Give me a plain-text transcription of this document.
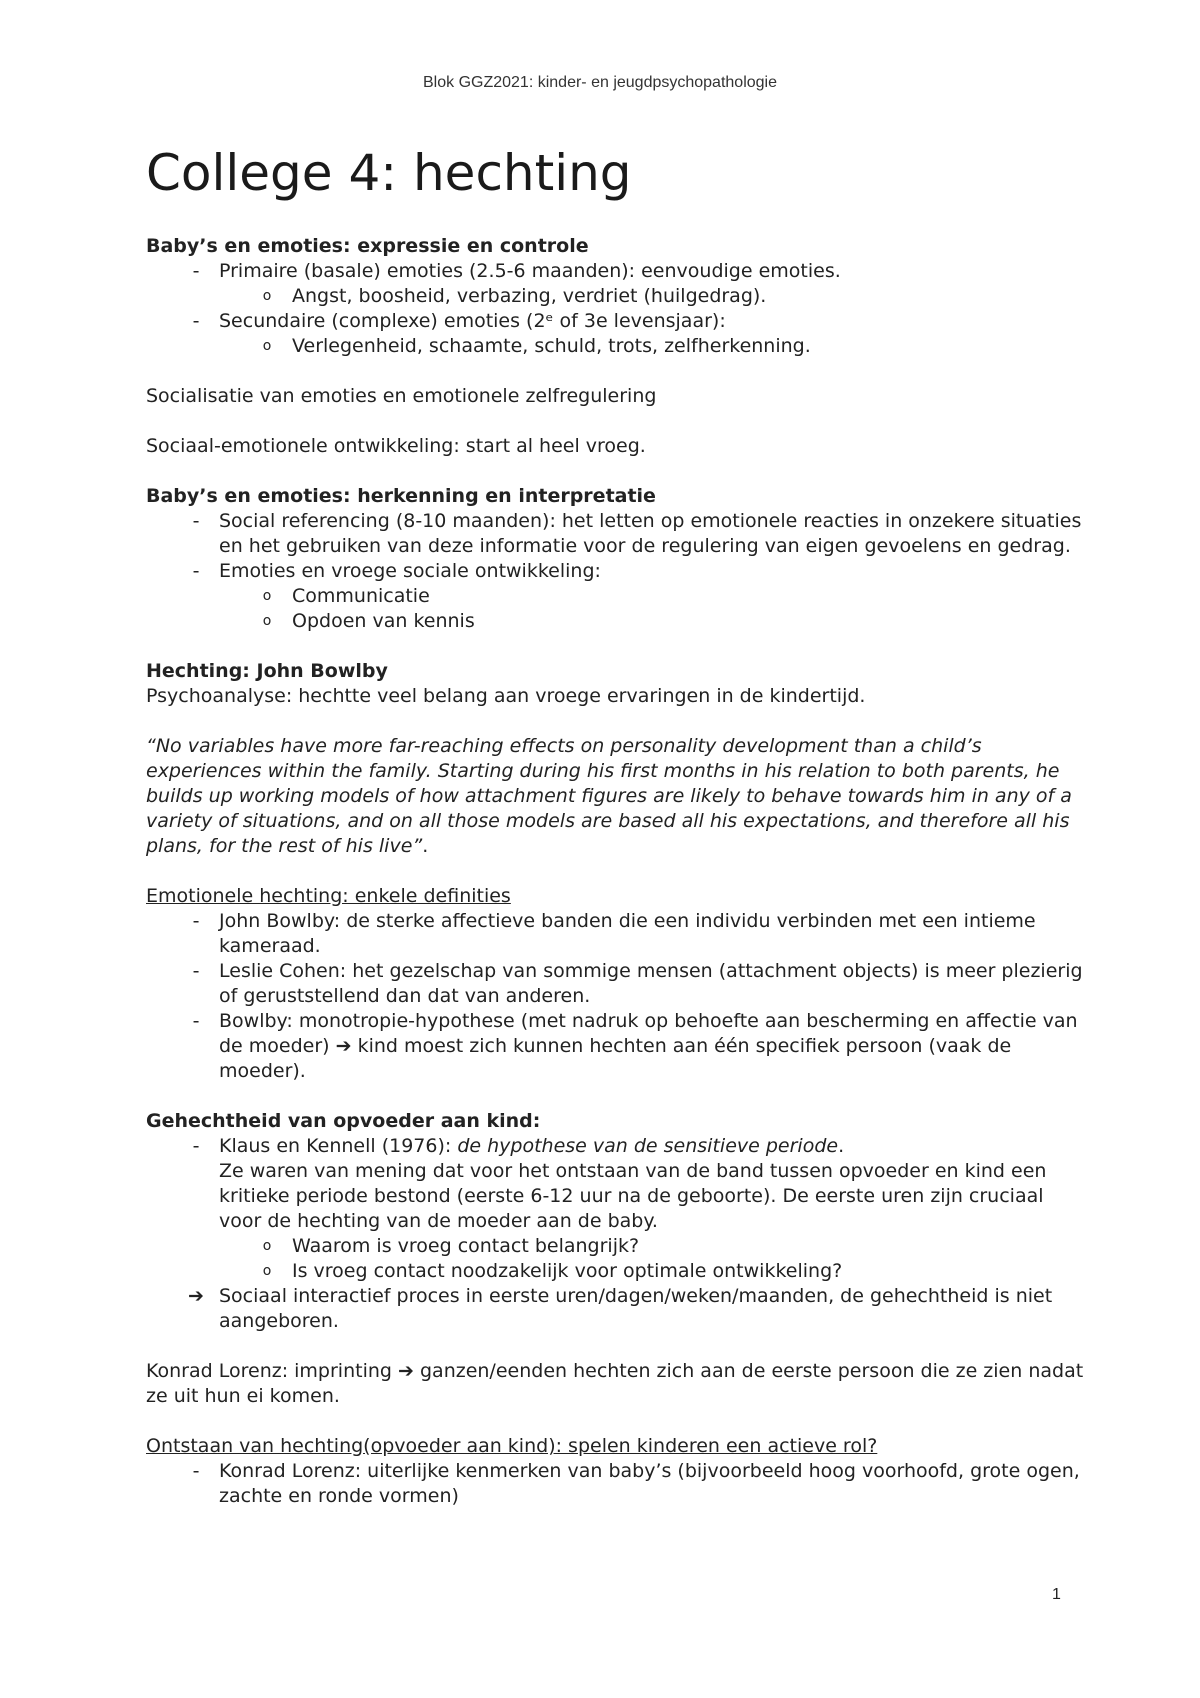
Blok GGZ2021: kinder- en jeugdpsychopathologie
College 4: hechting

Baby’s en emoties: expressie en controle

-	Primaire (basale) emoties (2.5-6 maanden): eenvoudige emoties.
o	Angst, boosheid, verbazing, verdriet (huilgedrag).
-	Secundaire (complexe) emoties (2ᵉ of 3e levensjaar):
o	Verlegenheid, schaamte, schuld, trots, zelfherkenning.

Socialisatie van emoties en emotionele zelfregulering

Sociaal-emotionele ontwikkeling: start al heel vroeg.

Baby’s en emoties: herkenning en interpretatie

-	Social referencing (8-10 maanden): het letten op emotionele reacties in onzekere situaties en het gebruiken van deze informatie voor de regulering van eigen gevoelens en gedrag.
-	Emoties en vroege sociale ontwikkeling:
o	Communicatie
o	Opdoen van kennis

Hechting: John Bowlby

Psychoanalyse: hechtte veel belang aan vroege ervaringen in de kindertijd.

“No variables have more far-reaching effects on personality development than a child’s experiences within the family. Starting during his first months in his relation to both parents, he builds up working models of how attachment figures are likely to behave towards him in any of a variety of situations, and on all those models are based all his expectations, and therefore all his plans, for the rest of his live”.

Emotionele hechting: enkele definities

-	John Bowlby: de sterke affectieve banden die een individu verbinden met een intieme kameraad.
-	Leslie Cohen: het gezelschap van sommige mensen (attachment objects) is meer plezierig of geruststellend dan dat van anderen.
-	Bowlby: monotropie-hypothese (met nadruk op behoefte aan bescherming en affectie van de moeder) ➔ kind moest zich kunnen hechten aan één specifiek persoon (vaak de moeder).

Gehechtheid van opvoeder aan kind:

-	Klaus en Kennell (1976): de hypothese van de sensitieve periode.
Ze waren van mening dat voor het ontstaan van de band tussen opvoeder en kind een kritieke periode bestond (eerste 6-12 uur na de geboorte). De eerste uren zijn cruciaal voor de hechting van de moeder aan de baby.
o	Waarom is vroeg contact belangrijk?
o	Is vroeg contact noodzakelijk voor optimale ontwikkeling?
➔ Sociaal interactief proces in eerste uren/dagen/weken/maanden, de gehechtheid is niet aangeboren.

Konrad Lorenz: imprinting ➔ ganzen/eenden hechten zich aan de eerste persoon die ze zien nadat ze uit hun ei komen.

Ontstaan van hechting(opvoeder aan kind): spelen kinderen een actieve rol?

-	Konrad Lorenz: uiterlijke kenmerken van baby’s (bijvoorbeeld hoog voorhoofd, grote ogen, zachte en ronde vormen)
1
